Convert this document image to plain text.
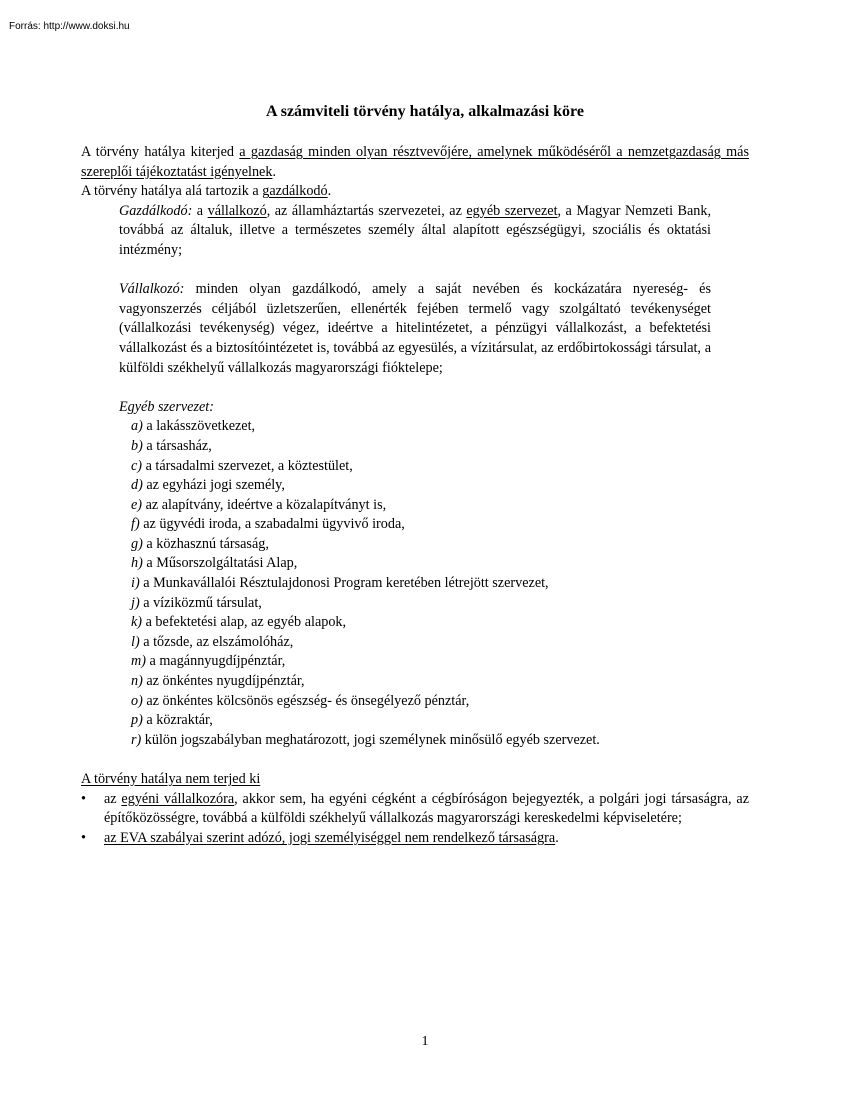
Forrás: http://www.doksi.hu
A számviteli törvény hatálya, alkalmazási köre

A törvény hatálya kiterjed a gazdaság minden olyan résztvevőjére, amelynek működéséről a nemzetgazdaság más szereplői tájékoztatást igényelnek.

A törvény hatálya alá tartozik a gazdálkodó.

Gazdálkodó: a vállalkozó, az államháztartás szervezetei, az egyéb szervezet, a Magyar Nemzeti Bank, továbbá az általuk, illetve a természetes személy által alapított egészségügyi, szociális és oktatási intézmény;

Vállalkozó: minden olyan gazdálkodó, amely a saját nevében és kockázatára nyereség- és vagyonszerzés céljából üzletszerűen, ellenérték fejében termelő vagy szolgáltató tevékenységet (vállalkozási tevékenység) végez, ideértve a hitelintézetet, a pénzügyi vállalkozást, a befektetési vállalkozást és a biztosítóintézetet is, továbbá az egyesülés, a vízitársulat, az erdőbirtokossági társulat, a külföldi székhelyű vállalkozás magyarországi fióktelepe;

Egyéb szervezet:

a) a lakásszövetkezet,
b) a társasház,
c) a társadalmi szervezet, a köztestület,
d) az egyházi jogi személy,
e) az alapítvány, ideértve a közalapítványt is,
f) az ügyvédi iroda, a szabadalmi ügyvivő iroda,
g) a közhasznú társaság,
h) a Műsorszolgáltatási Alap,
i) a Munkavállalói Résztulajdonosi Program keretében létrejött szervezet,
j) a víziközmű társulat,
k) a befektetési alap, az egyéb alapok,
l) a tőzsde, az elszámolóház,
m) a magánnyugdíjpénztár,
n) az önkéntes nyugdíjpénztár,
o) az önkéntes kölcsönös egészség- és önsegélyező pénztár,
p) a közraktár,
r) külön jogszabályban meghatározott, jogi személynek minősülő egyéb szervezet.

A törvény hatálya nem terjed ki

• az egyéni vállalkozóra, akkor sem, ha egyéni cégként a cégbíróságon bejegyezték, a polgári jogi társaságra, az építőközösségre, továbbá a külföldi székhelyű vállalkozás magyarországi kereskedelmi képviseletére;
• az EVA szabályai szerint adózó, jogi személyiséggel nem rendelkező társaságra.
1
